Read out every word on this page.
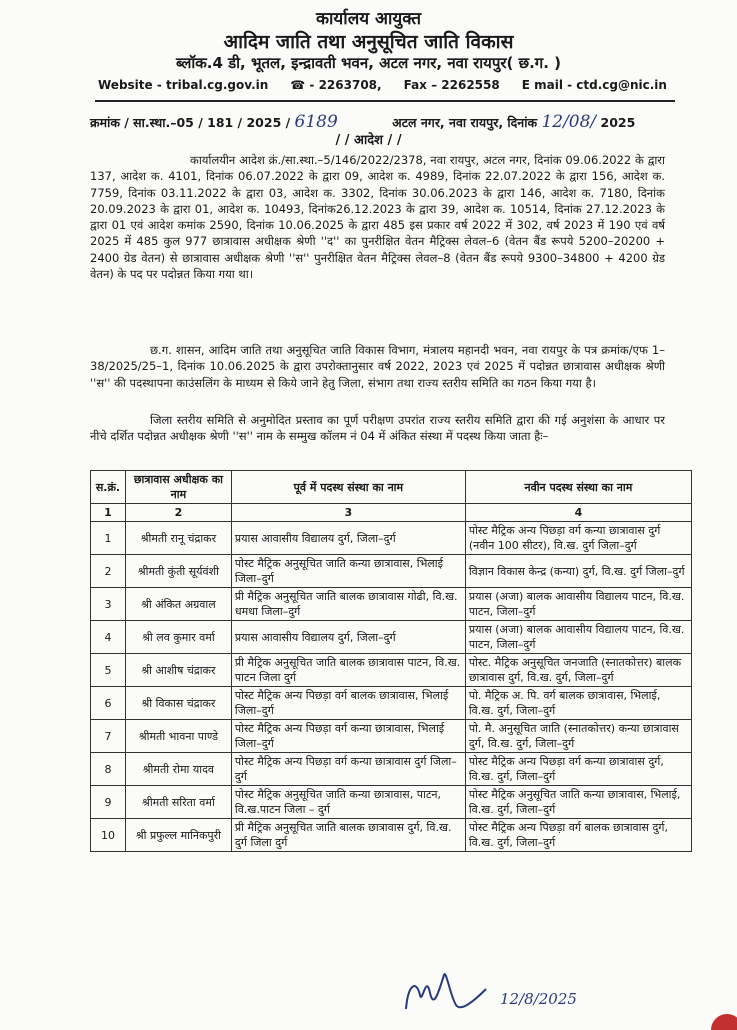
कार्यालय आयुक्त
आदिम जाति तथा अनुसूचित जाति विकास
ब्लॉक.4 डी, भूतल, इन्द्रावती भवन, अटल नगर, नवा रायपुर( छ.ग. )
Website - tribal.cg.gov.in ☎ - 2263708, Fax – 2262558 E mail - ctd.cg@nic.in
क्रमांक / सा.स्था.–05 / 181 / 2025 / 6189	अटल नगर, नवा रायपुर, दिनांक 12/08/ 2025
/ / आदेश / /
कार्यालयीन आदेश क्रं./सा.स्था.–5/146/2022/2378, नवा रायपुर, अटल नगर, दिनांक 09.06.2022 के द्वारा 137, आदेश क. 4101, दिनांक 06.07.2022 के द्वारा 09, आदेश क. 4989, दिनांक 22.07.2022 के द्वारा 156, आदेश क. 7759, दिनांक 03.11.2022 के द्वारा 03, आदेश क. 3302, दिनांक 30.06.2023 के द्वारा 146, आदेश क. 7180, दिनांक 20.09.2023 के द्वारा 01, आदेश क. 10493, दिनांक26.12.2023 के द्वारा 39, आदेश क. 10514, दिनांक 27.12.2023 के द्वारा 01 एवं आदेश कमांक 2590, दिनांक 10.06.2025 के द्वारा 485 इस प्रकार वर्ष 2022 में 302, वर्ष 2023 में 190 एवं वर्ष 2025 में 485 कुल 977 छात्रावास अधीक्षक श्रेणी ''द'' का पुनरीक्षित वेतन मैट्रिक्स लेवल–6 (वेतन बैंड रूपये 5200–20200 + 2400 ग्रेड वेतन) से छात्रावास अधीक्षक श्रेणी ''स'' पुनरीक्षित वेतन मैट्रिक्स लेवल–8 (वेतन बैंड रूपये 9300–34800 + 4200 ग्रेड वेतन) के पद पर पदोन्नत किया गया था।
छ.ग. शासन, आदिम जाति तथा अनुसूचित जाति विकास विभाग, मंत्रालय महानदी भवन, नवा रायपुर के पत्र क्रमांक/एफ 1–38/2025/25–1, दिनांक 10.06.2025 के द्वारा उपरोक्तानुसार वर्ष 2022, 2023 एवं 2025 में पदोन्नत छात्रावास अधीक्षक श्रेणी ''स'' की पदस्थापना काउंसलिंग के माध्यम से किये जाने हेतु जिला, संभाग तथा राज्य स्तरीय समिति का गठन किया गया है।
जिला स्तरीय समिति से अनुमोदित प्रस्ताव का पूर्ण परीक्षण उपरांत राज्य स्तरीय समिति द्वारा की गई अनुशंसा के आधार पर नीचे दर्शित पदोन्नत अधीक्षक श्रेणी ''स'' नाम के सम्मुख कॉलम नं 04 में अंकित संस्था में पदस्थ किया जाता हैः–
स.क्रं.	छात्रावास अधीक्षक का नाम	पूर्व में पदस्थ संस्था का नाम	नवीन पदस्थ संस्था का नाम
1	2	3	4
1	श्रीमती रानू चंद्राकर	प्रयास आवासीय विद्यालय दुर्ग, जिला–दुर्ग	पोस्ट मैट्रिक अन्य पिछड़ा वर्ग कन्या छात्रावास दुर्ग (नवीन 100 सीटर), वि.ख. दुर्ग जिला–दुर्ग
2	श्रीमती कुंती सूर्यवंशी	पोस्ट मैट्रिक अनुसूचित जाति कन्या छात्रावास, भिलाई जिला–दुर्ग	विज्ञान विकास केन्द्र (कन्या) दुर्ग, वि.ख. दुर्ग जिला–दुर्ग
3	श्री अंकित अग्रवाल	प्री मैट्रिक अनुसूचित जाति बालक छात्रावास गोढी, वि.ख. धमधा जिला–दुर्ग	प्रयास (अजा) बालक आवासीय विद्यालय पाटन, वि.ख. पाटन, जिला–दुर्ग
4	श्री लव कुमार वर्मा	प्रयास आवासीय विद्यालय दुर्ग, जिला–दुर्ग	प्रयास (अजा) बालक आवासीय विद्यालय पाटन, वि.ख. पाटन, जिला–दुर्ग
5	श्री आशीष चंद्राकर	प्री मैट्रिक अनुसूचित जाति बालक छात्रावास पाटन, वि.ख. पाटन जिला दुर्ग	पोस्ट. मैट्रिक अनुसूचित जनजाति (स्नातकोत्तर) बालक छात्रावास दुर्ग, वि.ख. दुर्ग, जिला–दुर्ग
6	श्री विकास चंद्राकर	पोस्ट मैट्रिक अन्य पिछड़ा वर्ग बालक छात्रावास, भिलाई जिला–दुर्ग	पो. मैट्रिक अ. पि. वर्ग बालक छात्रावास, भिलाई, वि.ख. दुर्ग, जिला–दुर्ग
7	श्रीमती भावना पाण्डे	पोस्ट मैट्रिक अन्य पिछड़ा वर्ग कन्या छात्रावास, भिलाई जिला–दुर्ग	पो. मै. अनुसूचित जाति (स्नातकोत्तर) कन्या छात्रावास दुर्ग, वि.ख. दुर्ग, जिला–दुर्ग
8	श्रीमती रोमा यादव	पोस्ट मैट्रिक अन्य पिछड़ा वर्ग कन्या छात्रावास दुर्ग जिला–दुर्ग	पोस्ट मैट्रिक अन्य पिछड़ा वर्ग कन्या छात्रावास दुर्ग, वि.ख. दुर्ग, जिला–दुर्ग
9	श्रीमती सरिता वर्मा	पोस्ट मैट्रिक अनुसूचित जाति कन्या छात्रावास, पाटन, वि.ख.पाटन जिला – दुर्ग	पोस्ट मैट्रिक अनुसूचित जाति कन्या छात्रावास, भिलाई, वि.ख. दुर्ग, जिला–दुर्ग
10	श्री प्रफुल्ल मानिकपुरी	प्री मैट्रिक अनुसूचित जाति बालक छात्रावास दुर्ग, वि.ख. दुर्ग जिला दुर्ग	पोस्ट मैट्रिक अन्य पिछड़ा वर्ग बालक छात्रावास दुर्ग, वि.ख. दुर्ग, जिला–दुर्ग
12/8/2025
